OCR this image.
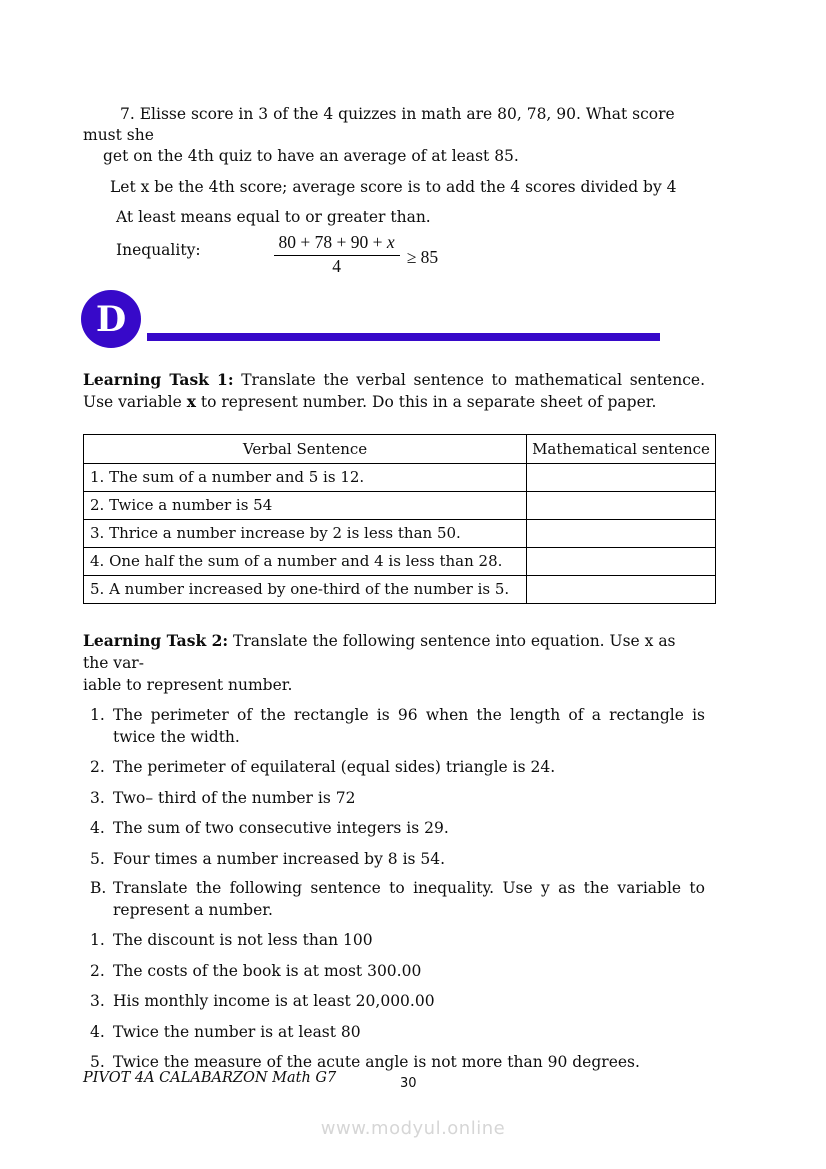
7. Elisse score in 3 of the 4 quizzes in math are 80, 78, 90. What score
must she
get on the 4th quiz to have an average of at least 85.
Let x be the 4th score; average score is to add the 4 scores divided by 4
At least means equal to or greater than.
Inequality:	$\frac{80 + 78 + 90 + x}{4} \ge 85$
D
Learning Task 1: Translate the verbal sentence to mathematical sentence. Use variable x to represent number. Do this in a separate sheet of paper.
Verbal Sentence	Mathematical sentence
1. The sum of a number and 5 is 12.	
2. Twice a number is 54	
3. Thrice a number increase by 2 is less than 50.	
4. One half the sum of a number and 4 is less than 28.	
5. A number increased by one-third of the number is 5.	
Learning Task 2: Translate the following sentence into equation. Use x as the var-
iable to represent number.
1. The perimeter of the rectangle is 96 when the length of a rectangle is twice the width.
2. The perimeter of equilateral (equal sides) triangle is 24.
3. Two– third of the number is 72
4. The sum of two consecutive integers is 29.
5. Four times a number increased by 8 is 54.
B. Translate the following sentence to inequality. Use y as the variable to represent a number.
1. The discount is not less than 100
2. The costs of the book is at most 300.00
3. His monthly income is at least 20,000.00
4. Twice the number is at least 80
5. Twice the measure of the acute angle is not more than 90 degrees.
PIVOT 4A CALABARZON Math G7	30
www.modyul.online
